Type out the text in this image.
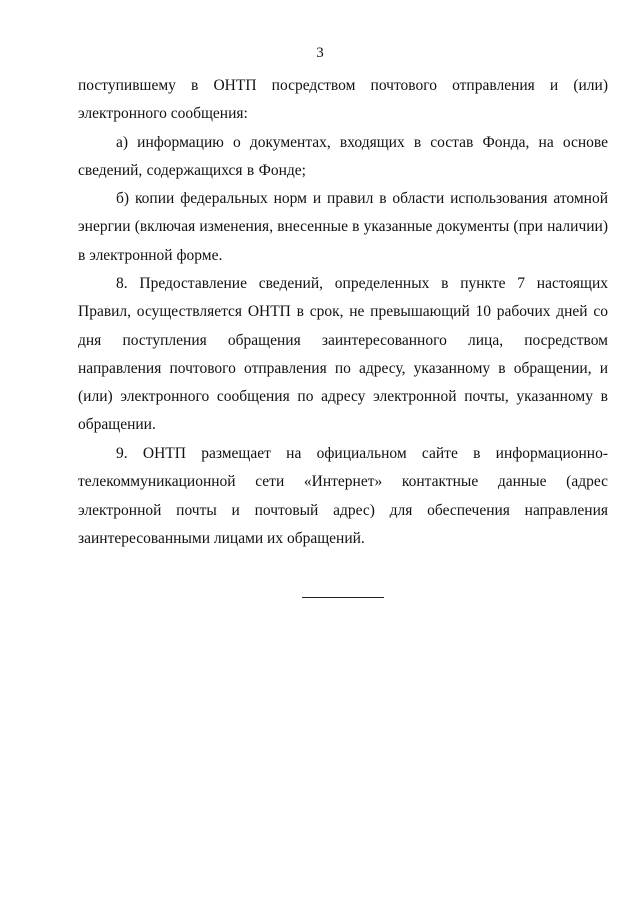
3

поступившему в ОНТП посредством почтового отправления и (или) электронного сообщения:

а) информацию о документах, входящих в состав Фонда, на основе сведений, содержащихся в Фонде;

б) копии федеральных норм и правил в области использования атомной энергии (включая изменения, внесенные в указанные документы (при наличии) в электронной форме.

8. Предоставление сведений, определенных в пункте 7 настоящих Правил, осуществляется ОНТП в срок, не превышающий 10 рабочих дней со дня поступления обращения заинтересованного лица, посредством направления почтового отправления по адресу, указанному в обращении, и (или) электронного сообщения по адресу электронной почты, указанному в обращении.

9. ОНТП размещает на официальном сайте в информационно-телекоммуникационной сети «Интернет» контактные данные (адрес электронной почты и почтовый адрес) для обеспечения направления заинтересованными лицами их обращений.
